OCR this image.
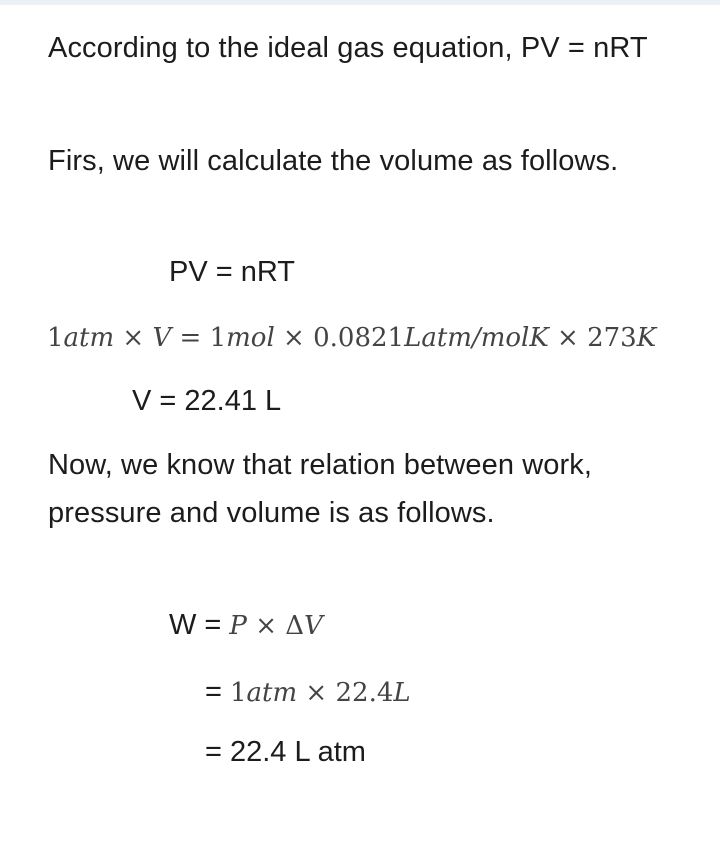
According to the ideal gas equation, PV = nRT

Firs, we will calculate the volume as follows.

PV = nRT
1atm × V = 1mol × 0.0821Latm/molK × 273K
V = 22.41 L

Now, we know that relation between work, pressure and volume is as follows.

W = P × ΔV
= 1atm × 22.4L
= 22.4 L atm
